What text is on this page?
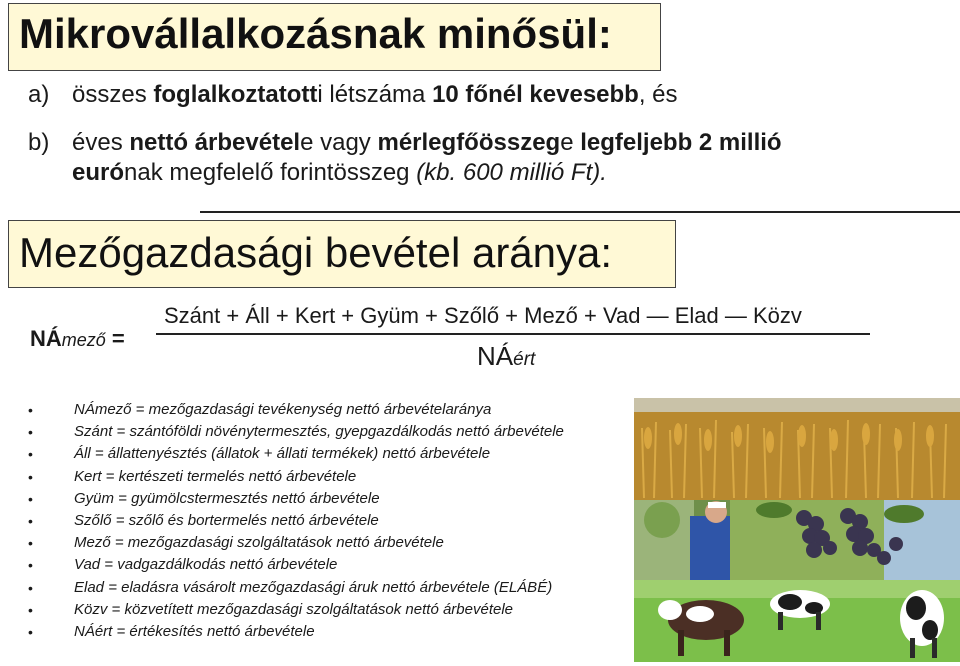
Mikrovállalkozásnak minősül:
a) összes foglalkoztatotti létszáma 10 főnél kevesebb, és
b) éves nettó árbevétele vagy mérlegfőösszege legfeljebb 2 millió
eurónak megfelelő forintösszeg (kb. 600 millió Ft).
Mezőgazdasági bevétel aránya:
NÁmező =
Szánt + Áll + Kert + Gyüm + Szőlő + Mező + Vad — Elad — Közv
NÁért
•	NÁmező = mezőgazdasági tevékenység nettó árbevételaránya
•	Szánt = szántóföldi növénytermesztés, gyepgazdálkodás nettó árbevétele
•	Áll = állattenyésztés (állatok + állati termékek) nettó árbevétele
•	Kert = kertészeti termelés nettó árbevétele
•	Gyüm = gyümölcstermesztés nettó árbevétele
•	Szőlő = szőlő és bortermelés nettó árbevétele
•	Mező = mezőgazdasági szolgáltatások nettó árbevétele
•	Vad = vadgazdálkodás nettó árbevétele
•	Elad = eladásra vásárolt mezőgazdasági áruk nettó árbevétele (ELÁBÉ)
•	Közv = közvetített mezőgazdasági szolgáltatások nettó árbevétele
•	NÁért = értékesítés nettó árbevétele
